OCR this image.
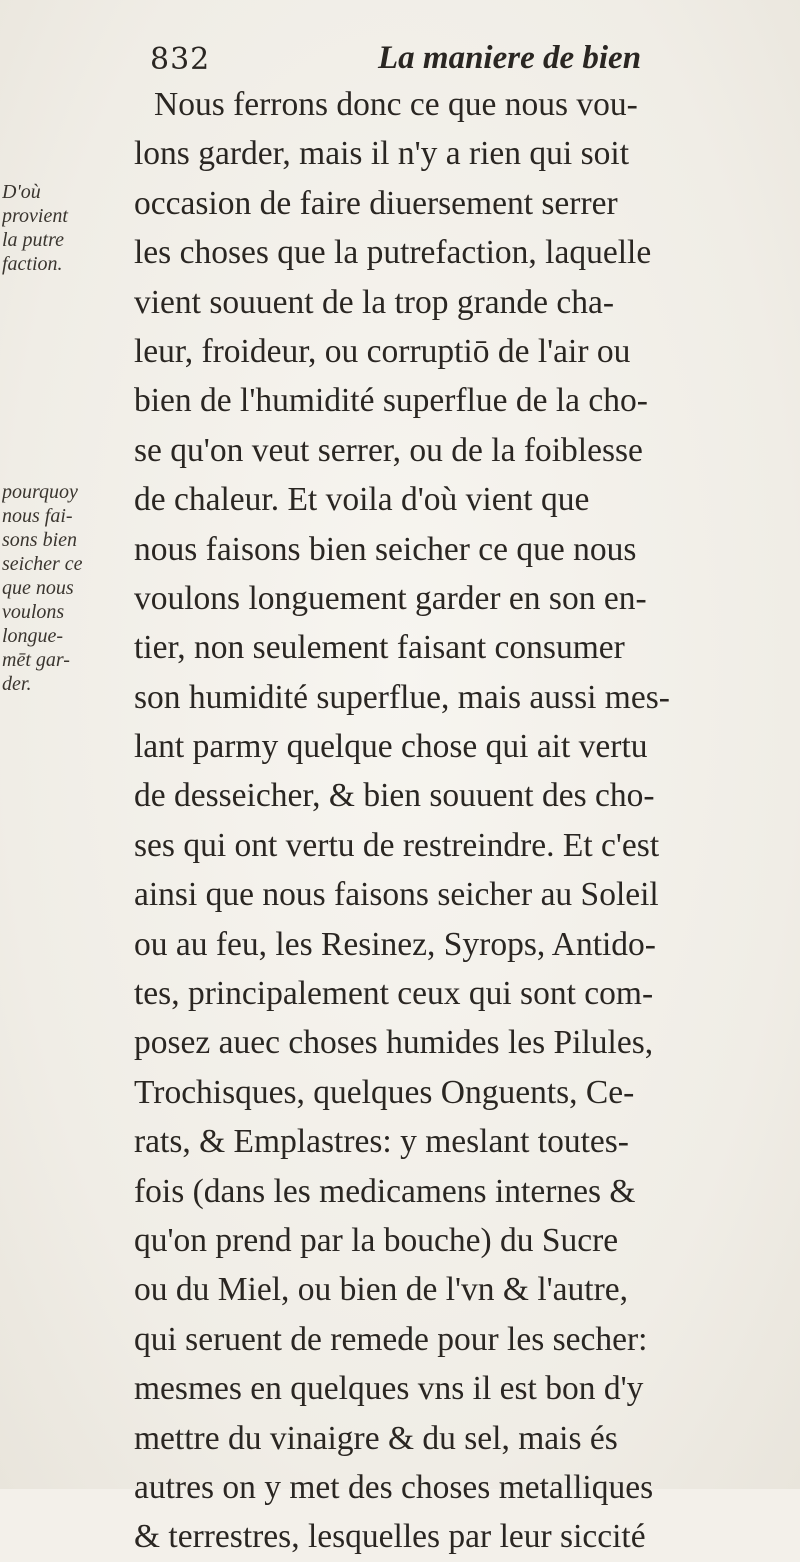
832	La maniere de bien
D'où
provient
la putre
faction.
pourquoy
nous fai-
sons bien
seicher ce
que nous
voulons
longue-
mēt gar-
der.
Nous ferrons donc ce que nous vou-
lons garder, mais il n'y a rien qui soit
occasion de faire diuersement serrer
les choses que la putrefaction, laquelle
vient souuent de la trop grande cha-
leur, froideur, ou corruptiō de l'air ou
bien de l'humidité superflue de la cho-
se qu'on veut serrer, ou de la foiblesse
de chaleur. Et voila d'où vient que
nous faisons bien seicher ce que nous
voulons longuement garder en son en-
tier, non seulement faisant consumer
son humidité superflue, mais aussi mes-
lant parmy quelque chose qui ait vertu
de desseicher, & bien souuent des cho-
ses qui ont vertu de restreindre. Et c'est
ainsi que nous faisons seicher au Soleil
ou au feu, les Resinez, Syrops, Antido-
tes, principalement ceux qui sont com-
posez auec choses humides les Pilules,
Trochisques, quelques Onguents, Ce-
rats, & Emplastres: y meslant toutes-
fois (dans les medicamens internes &
qu'on prend par la bouche) du Sucre
ou du Miel, ou bien de l'vn & l'autre,
qui seruent de remede pour les secher:
mesmes en quelques vns il est bon d'y
mettre du vinaigre & du sel, mais és
autres on y met des choses metalliques
& terrestres, lesquelles par leur siccité
